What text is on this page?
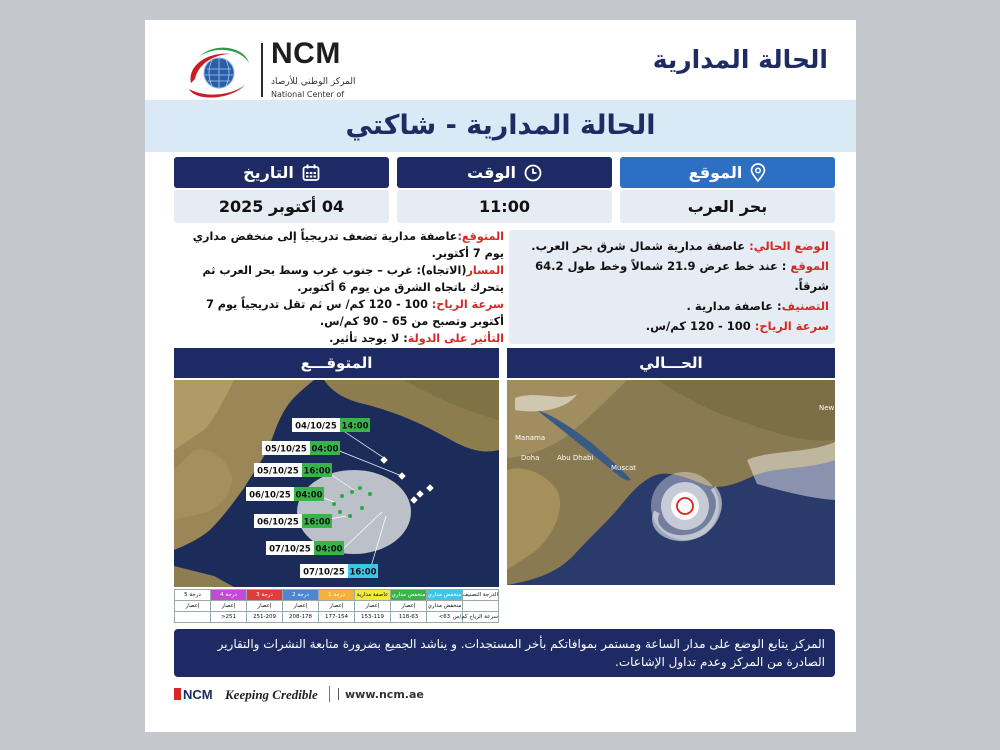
NCM
المركز الوطني للأرصاد
National Center of
الحالة المدارية
الحالة المدارية - شاكتي
التاريخ
04 أكتوبر 2025
الوقت
11:00
الموقع
بحر العرب
المتوقع:عاصفة مدارية تضعف تدريجياً إلى منخفض مداري يوم 7 أكتوبر.
المسار(الاتجاه): غرب – جنوب غرب وسط بحر العرب ثم يتحرك باتجاه الشرق من يوم 6 أكتوبر.
سرعة الرياح: 100 - 120 كم/ س ثم تقل تدريجياً يوم 7 أكتوبر وتصبح من 65 – 90 كم/س.
التأثير على الدولة: لا يوجد تأثير.
الوضع الحالي: عاصفة مدارية شمال شرق بحر العرب.
الموقع : عند خط عرض 21.9 شمالاً وخط طول 64.2 شرقاً.
التصنيف: عاصفة مدارية .
سرعة الرياح: 100 - 120 كم/س.
المتوقـــع	الحـــالي
04/10/25 14:00
05/10/25 04:00
05/10/25 16:00
06/10/25 04:00
06/10/25 16:00
07/10/25 04:00
07/10/25 16:00
Manama
Doha	Abu Dhabi
Muscat
New
الدرجة التصنيف	منخفض مداري	منخفض مداري	عاصفة مدارية	درجة 1	درجة 2	درجة 3	درجة 4	درجة 5
	منخفض مداري	إعصار	إعصار	إعصار	إعصار	إعصار	إعصار	إعصار
سرعة الرياح كم/س	63>	118-63	153-119	177-154	208-178	251-209	251<	
المركز يتابع الوضع على مدار الساعة ومستمر بموافاتكم بأخر المستجدات. و يناشد الجميع بضرورة متابعة النشرات والتقارير الصادرة من المركز وعدم تداول الإشاعات.
NCM Keeping Credible	www.ncm.ae
